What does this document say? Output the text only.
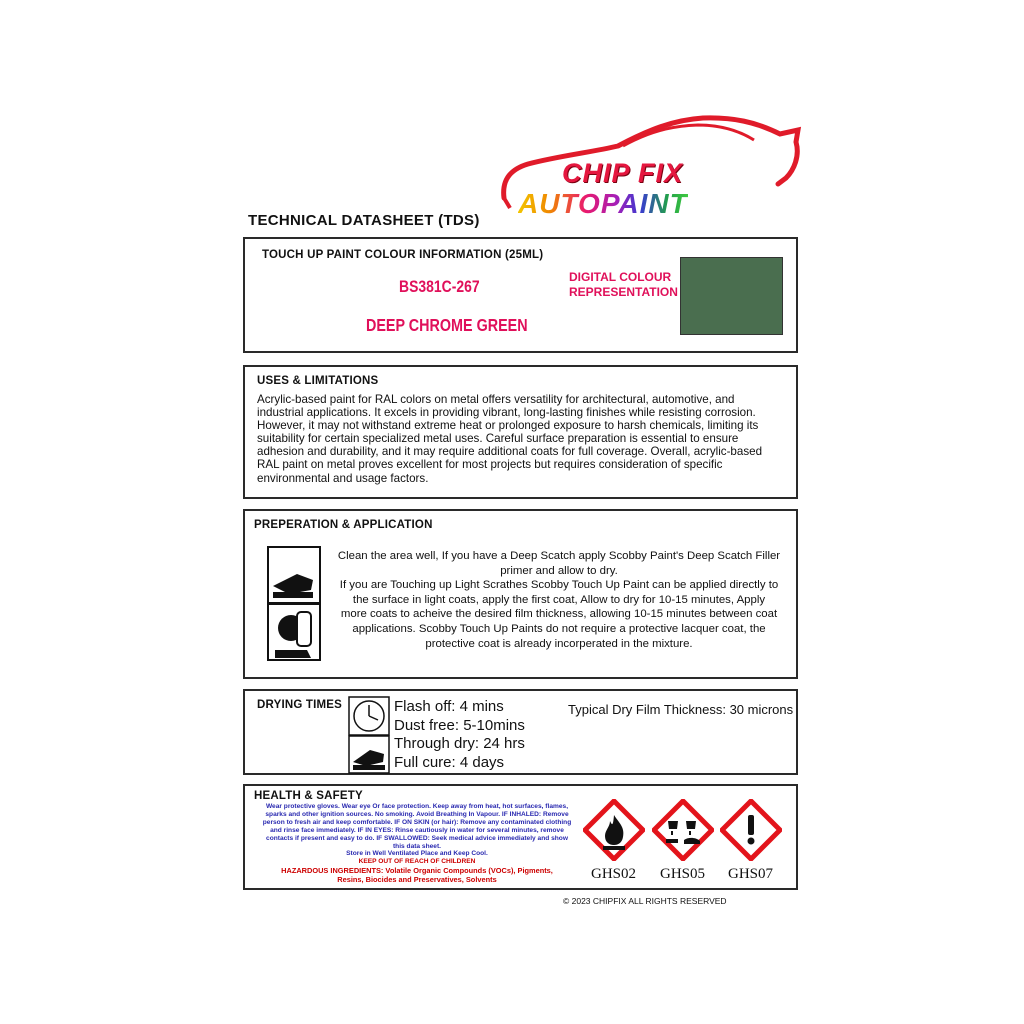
CHIP FIX
AUTOPAINT
TECHNICAL DATASHEET (TDS)
TOUCH UP PAINT COLOUR INFORMATION (25ML)
BS381C-267
DEEP CHROME GREEN
DIGITAL COLOUR
REPRESENTATION
USES & LIMITATIONS
Acrylic-based paint for RAL colors on metal offers versatility for architectural, automotive, and
industrial applications. It excels in providing vibrant, long-lasting finishes while resisting corrosion.
However, it may not withstand extreme heat or prolonged exposure to harsh chemicals, limiting its
suitability for certain specialized metal uses. Careful surface preparation is essential to ensure
adhesion and durability, and it may require additional coats for full coverage. Overall, acrylic-based
RAL paint on metal proves excellent for most projects but requires consideration of specific
environmental and usage factors.
PREPERATION & APPLICATION
Clean the area well, If you have a Deep Scatch apply Scobby Paint's Deep Scatch Filler
primer and allow to dry.
If you are Touching up Light Scrathes Scobby Touch Up Paint can be applied directly to
the surface in light coats, apply the first coat, Allow to dry for 10-15 minutes, Apply
more coats to acheive the desired film thickness, allowing 10-15 minutes between coat
applications. Scobby Touch Up Paints do not require a protective lacquer coat, the
protective coat is already incorperated in the mixture.
DRYING TIMES	Flash off: 4 mins
Dust free: 5-10mins
Through dry: 24 hrs
Full cure: 4 days
Typical Dry Film Thickness: 30 microns
HEALTH & SAFETY
Wear protective gloves. Wear eye Or face protection. Keep away from heat, hot surfaces, flames,
sparks and other ignition sources. No smoking. Avoid Breathing In Vapour. IF INHALED: Remove
person to fresh air and keep comfortable. IF ON SKIN (or hair): Remove any contaminated clothing
and rinse face immediately. IF IN EYES: Rinse cautiously in water for several minutes, remove
contacts if present and easy to do. IF SWALLOWED: Seek medical advice immediately and show
this data sheet.
Store in Well Ventilated Place and Keep Cool.
KEEP OUT OF REACH OF CHILDREN
HAZARDOUS INGREDIENTS: Volatile Organic Compounds (VOCs), Pigments,
Resins, Biocides and Preservatives, Solvents	GHS02 GHS05 GHS07
© 2023 CHIPFIX ALL RIGHTS RESERVED
